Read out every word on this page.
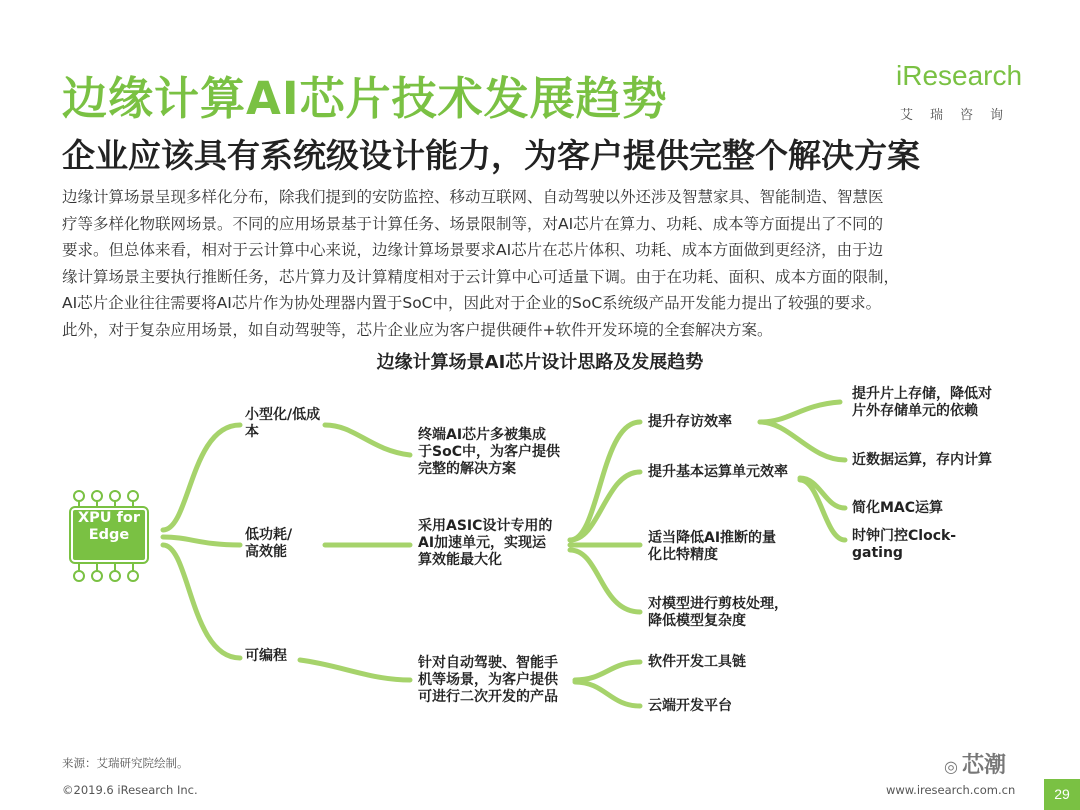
边缘计算AI芯片技术发展趋势
企业应该具有系统级设计能力，为客户提供完整个解决方案
iResearch
艾瑞咨询
边缘计算场景呈现多样化分布，除我们提到的安防监控、移动互联网、自动驾驶以外还涉及智慧家具、智能制造、智慧医
疗等多样化物联网场景。不同的应用场景基于计算任务、场景限制等，对AI芯片在算力、功耗、成本等方面提出了不同的
要求。但总体来看，相对于云计算中心来说，边缘计算场景要求AI芯片在芯片体积、功耗、成本方面做到更经济，由于边
缘计算场景主要执行推断任务，芯片算力及计算精度相对于云计算中心可适量下调。由于在功耗、面积、成本方面的限制，
AI芯片企业往往需要将AI芯片作为协处理器内置于SoC中，因此对于企业的SoC系统级产品开发能力提出了较强的要求。
此外，对于复杂应用场景，如自动驾驶等，芯片企业应为客户提供硬件+软件开发环境的全套解决方案。
边缘计算场景AI芯片设计思路及发展趋势
XPU for
Edge
小型化/低成
本
低功耗/
高效能
可编程
终端AI芯片多被集成
于SoC中，为客户提供
完整的解决方案
采用ASIC设计专用的
AI加速单元，实现运
算效能最大化
针对自动驾驶、智能手
机等场景，为客户提供
可进行二次开发的产品
提升存访效率
提升基本运算单元效率
适当降低AI推断的量
化比特精度
对模型进行剪枝处理，
降低模型复杂度
软件开发工具链
云端开发平台
提升片上存储，降低对
片外存储单元的依赖
近数据运算，存内计算
简化MAC运算
时钟门控Clock-
gating
来源：艾瑞研究院绘制。
©2019.6 iResearch Inc.	www.iresearch.com.cn
◎ 芯潮
29
